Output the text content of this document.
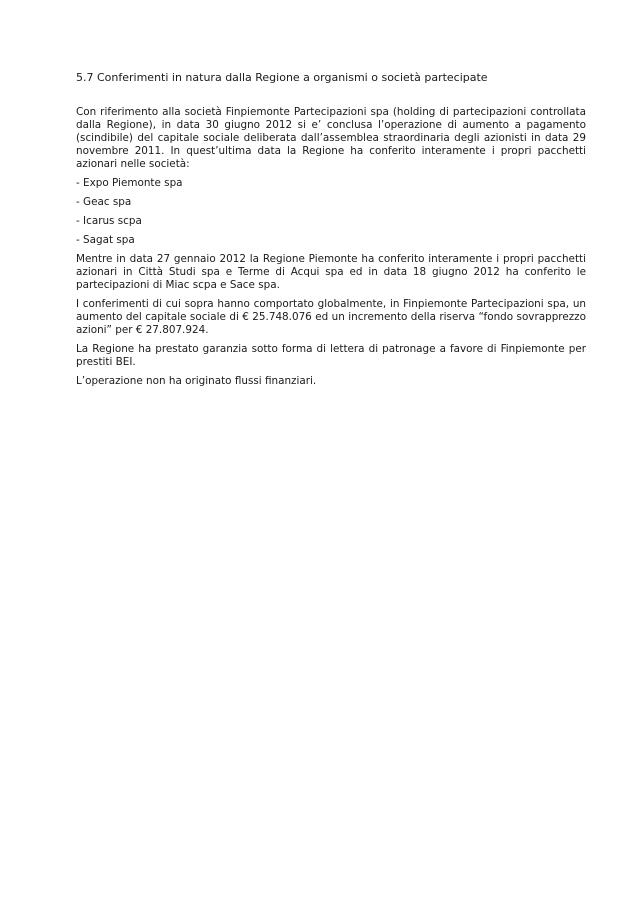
5.7 Conferimenti in natura dalla Regione a organismi o società partecipate
Con riferimento alla società Finpiemonte Partecipazioni spa (holding di partecipazioni controllata dalla Regione), in data 30 giugno 2012 si e’ conclusa l’operazione di aumento a pagamento (scindibile) del capitale sociale deliberata dall’assemblea straordinaria degli azionisti in data 29 novembre 2011. In quest’ultima data la Regione ha conferito interamente i propri pacchetti azionari nelle società:
- Expo Piemonte spa
- Geac spa
- Icarus scpa
- Sagat spa
Mentre in data 27 gennaio 2012 la Regione Piemonte ha conferito interamente i propri pacchetti azionari in Città Studi spa e Terme di Acqui spa ed in data 18 giugno 2012 ha conferito le partecipazioni di Miac scpa e Sace spa.
I conferimenti di cui sopra hanno comportato globalmente, in Finpiemonte Partecipazioni spa, un aumento del capitale sociale di € 25.748.076 ed un incremento della riserva “fondo sovrapprezzo azioni” per € 27.807.924.
La Regione ha prestato garanzia sotto forma di lettera di patronage a favore di Finpiemonte per prestiti BEI.
L’operazione non ha originato flussi finanziari.
